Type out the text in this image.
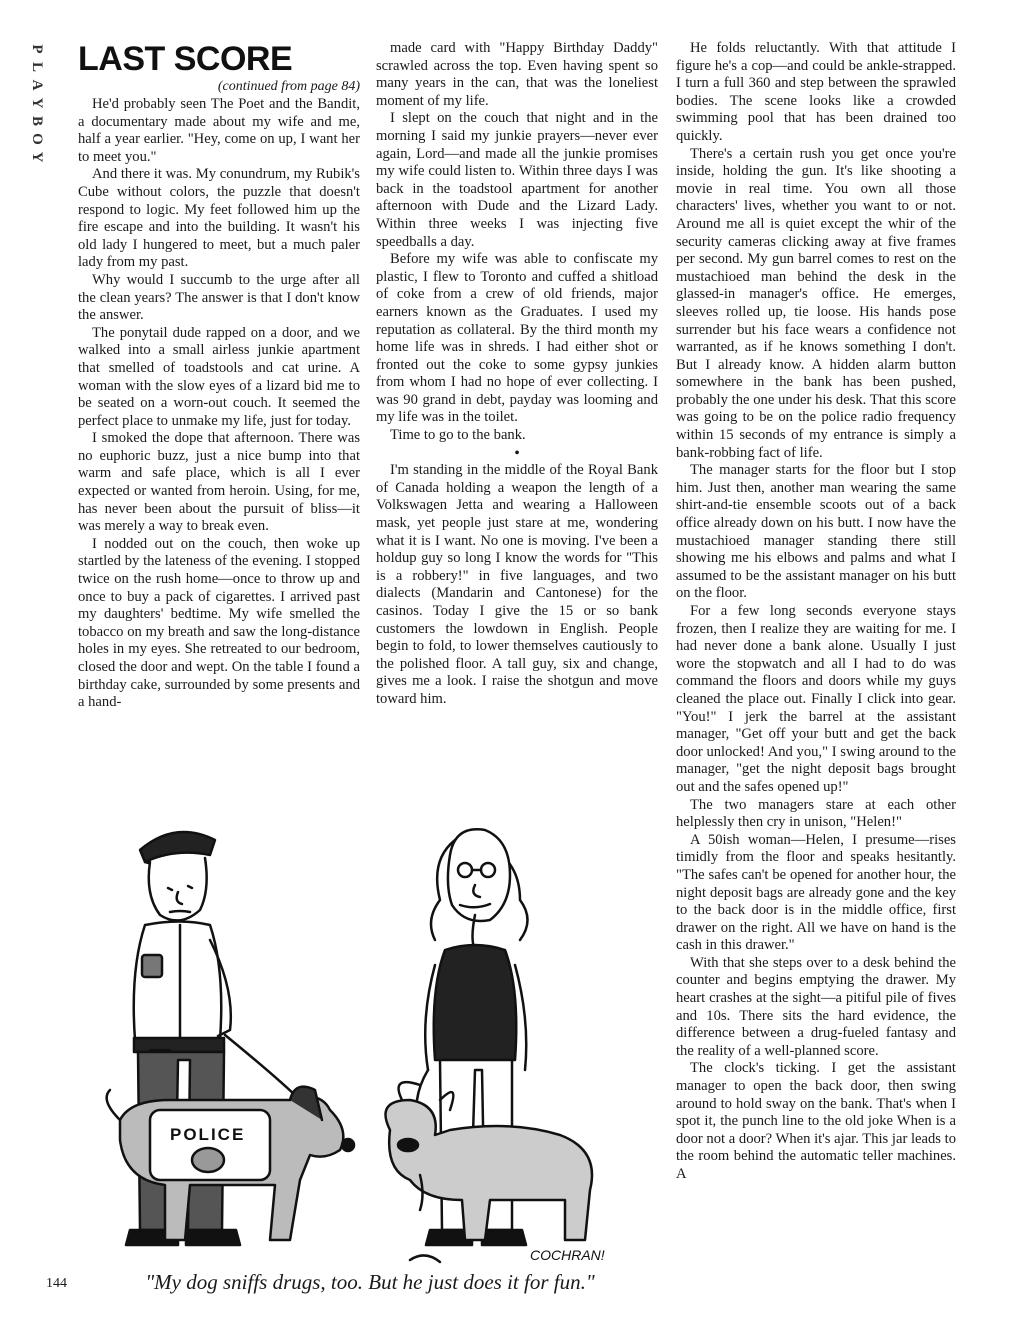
P
L
A
Y
B
O
Y
LAST SCORE

(continued from page 84)

He'd probably seen The Poet and the Bandit, a documentary made about my wife and me, half a year earlier. "Hey, come on up, I want her to meet you."

And there it was. My conundrum, my Rubik's Cube without colors, the puzzle that doesn't respond to logic. My feet followed him up the fire escape and into the building. It wasn't his old lady I hungered to meet, but a much paler lady from my past.

Why would I succumb to the urge after all the clean years? The answer is that I don't know the answer.

The ponytail dude rapped on a door, and we walked into a small airless junkie apartment that smelled of toadstools and cat urine. A woman with the slow eyes of a lizard bid me to be seated on a worn-out couch. It seemed the perfect place to unmake my life, just for today.

I smoked the dope that afternoon. There was no euphoric buzz, just a nice bump into that warm and safe place, which is all I ever expected or wanted from heroin. Using, for me, has never been about the pursuit of bliss—it was merely a way to break even.

I nodded out on the couch, then woke up startled by the lateness of the evening. I stopped twice on the rush home—once to throw up and once to buy a pack of cigarettes. I arrived past my daughters' bedtime. My wife smelled the tobacco on my breath and saw the long-distance holes in my eyes. She retreated to our bedroom, closed the door and wept. On the table I found a birthday cake, surrounded by some presents and a hand-

made card with "Happy Birthday Daddy" scrawled across the top. Even having spent so many years in the can, that was the loneliest moment of my life.

I slept on the couch that night and in the morning I said my junkie prayers—never ever again, Lord—and made all the junkie promises my wife could listen to. Within three days I was back in the toadstool apartment for another afternoon with Dude and the Lizard Lady. Within three weeks I was injecting five speedballs a day.

Before my wife was able to confiscate my plastic, I flew to Toronto and cuffed a shitload of coke from a crew of old friends, major earners known as the Graduates. I used my reputation as collateral. By the third month my home life was in shreds. I had either shot or fronted out the coke to some gypsy junkies from whom I had no hope of ever collecting. I was 90 grand in debt, payday was looming and my life was in the toilet.

Time to go to the bank.

•

I'm standing in the middle of the Royal Bank of Canada holding a weapon the length of a Volkswagen Jetta and wearing a Halloween mask, yet people just stare at me, wondering what it is I want. No one is moving. I've been a holdup guy so long I know the words for "This is a robbery!" in five languages, and two dialects (Mandarin and Cantonese) for the casinos. Today I give the 15 or so bank customers the lowdown in English. People begin to fold, to lower themselves cautiously to the polished floor. A tall guy, six and change, gives me a look. I raise the shotgun and move toward him.

He folds reluctantly. With that attitude I figure he's a cop—and could be ankle-strapped. I turn a full 360 and step between the sprawled bodies. The scene looks like a crowded swimming pool that has been drained too quickly.

There's a certain rush you get once you're inside, holding the gun. It's like shooting a movie in real time. You own all those characters' lives, whether you want to or not. Around me all is quiet except the whir of the security cameras clicking away at five frames per second. My gun barrel comes to rest on the mustachioed man behind the desk in the glassed-in manager's office. He emerges, sleeves rolled up, tie loose. His hands pose surrender but his face wears a confidence not warranted, as if he knows something I don't. But I already know. A hidden alarm button somewhere in the bank has been pushed, probably the one under his desk. That this score was going to be on the police radio frequency within 15 seconds of my entrance is simply a bank-robbing fact of life.

The manager starts for the floor but I stop him. Just then, another man wearing the same shirt-and-tie ensemble scoots out of a back office already down on his butt. I now have the mustachioed manager standing there still showing me his elbows and palms and what I assumed to be the assistant manager on his butt on the floor.

For a few long seconds everyone stays frozen, then I realize they are waiting for me. I had never done a bank alone. Usually I just wore the stopwatch and all I had to do was command the floors and doors while my guys cleaned the place out. Finally I click into gear. "You!" I jerk the barrel at the assistant manager, "Get off your butt and get the back door unlocked! And you," I swing around to the manager, "get the night deposit bags brought out and the safes opened up!"

The two managers stare at each other helplessly then cry in unison, "Helen!"

A 50ish woman—Helen, I presume—rises timidly from the floor and speaks hesitantly. "The safes can't be opened for another hour, the night deposit bags are already gone and the key to the back door is in the middle office, first drawer on the right. All we have on hand is the cash in this drawer."

With that she steps over to a desk behind the counter and begins emptying the drawer. My heart crashes at the sight—a pitiful pile of fives and 10s. There sits the hard evidence, the difference between a drug-fueled fantasy and the reality of a well-planned score.

The clock's ticking. I get the assistant manager to open the back door, then swing around to hold sway on the bank. That's when I spot it, the punch line to the old joke When is a door not a door? When it's ajar. This jar leads to the room behind the automatic teller machines. A

POLICE
COCHRAN!
"My dog sniffs drugs, too. But he just does it for fun."
144
